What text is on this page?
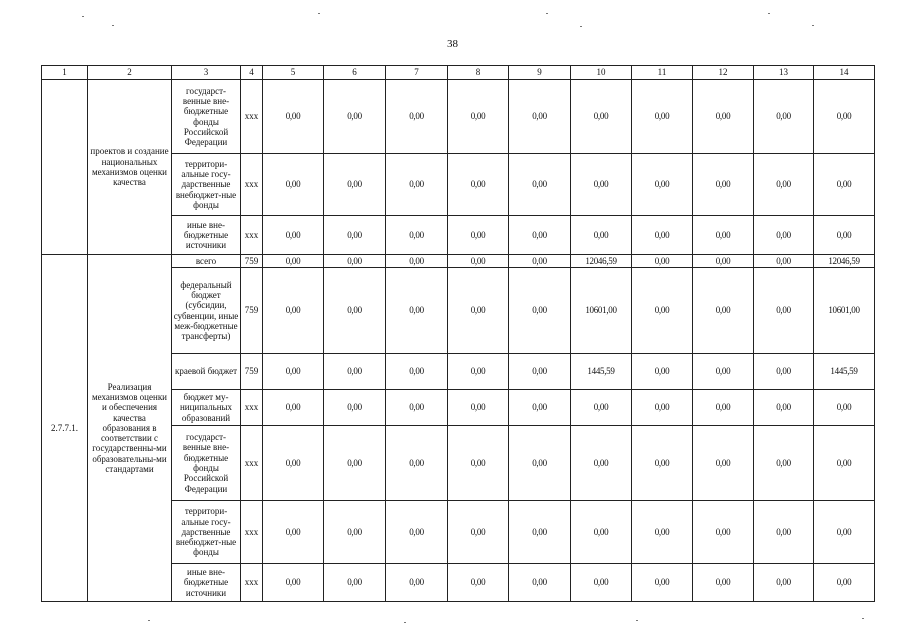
38
1	2	3	4	5	6	7	8	9	10	11	12	13	14
	проектов и создание национальных механизмов оценки качества	государст-венные вне-бюджетные фонды Российской Федерации	ххх	0,00	0,00	0,00	0,00	0,00	0,00	0,00	0,00	0,00	0,00
		территори-альные госу-дарственные внебюджет-ные фонды	ххх	0,00	0,00	0,00	0,00	0,00	0,00	0,00	0,00	0,00	0,00
		иные вне-бюджетные источники	ххх	0,00	0,00	0,00	0,00	0,00	0,00	0,00	0,00	0,00	0,00
2.7.7.1.	Реализация механизмов оценки и обеспечения качества образования в соответствии с государственны-ми образовательны-ми стандартами	всего	759	0,00	0,00	0,00	0,00	0,00	12046,59	0,00	0,00	0,00	12046,59
		федеральный бюджет (субсидии, субвенции, иные меж-бюджетные трансферты)	759	0,00	0,00	0,00	0,00	0,00	10601,00	0,00	0,00	0,00	10601,00
		краевой бюджет	759	0,00	0,00	0,00	0,00	0,00	1445,59	0,00	0,00	0,00	1445,59
		бюджет му-ниципальных образований	ххх	0,00	0,00	0,00	0,00	0,00	0,00	0,00	0,00	0,00	0,00
		государст-венные вне-бюджетные фонды Российской Федерации	ххх	0,00	0,00	0,00	0,00	0,00	0,00	0,00	0,00	0,00	0,00
		территори-альные госу-дарственные внебюджет-ные фонды	ххх	0,00	0,00	0,00	0,00	0,00	0,00	0,00	0,00	0,00	0,00
		иные вне-бюджетные источники	ххх	0,00	0,00	0,00	0,00	0,00	0,00	0,00	0,00	0,00	0,00
